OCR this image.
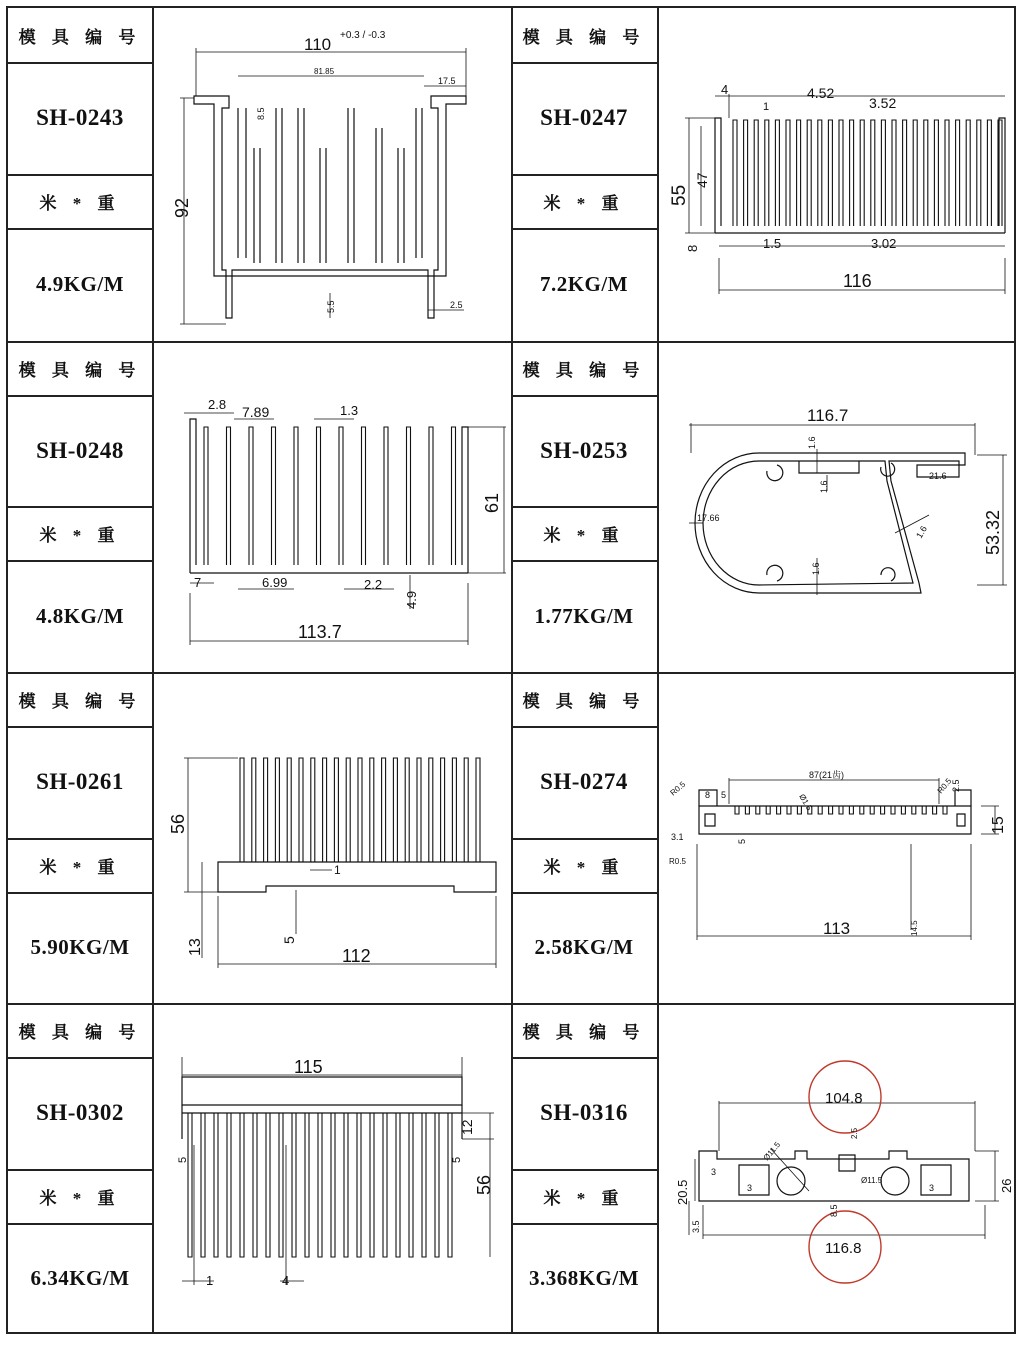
模 具 编 号
SH-0243
米 * 重
4.9KG/M
模 具 编 号
SH-0247
米 * 重
7.2KG/M
模 具 编 号
SH-0248
米 * 重
4.8KG/M
模 具 编 号
SH-0253
米 * 重
1.77KG/M
模 具 编 号
SH-0261
米 * 重
5.90KG/M
模 具 编 号
SH-0274
米 * 重
2.58KG/M
模 具 编 号
SH-0302
米 * 重
6.34KG/M
模 具 编 号
SH-0316
米 * 重
3.368KG/M
110 +0.3 / -0.3
81.85
17.5
8.5
92
5.5	2.5
4
1
4.52
3.52
55
47
8	1.5	3.02
116
2.8 7.89	1.3
61
7	6.99	2.2
4.9
113.7
116.7
1.6
1.6
21.6
17.66
1.6
1.6
53.32
56
1
13	5
112
87(21齿)
R0.5 8 5	Ø1.5
R0.5
2.5
3.1	5
R0.5
15
14.5
113
115
12
56
5	5
1	4
104.8
2.5
3
Ø11.5
Ø11.5
3
8.5
3
20.5
3.5
26
116.8
